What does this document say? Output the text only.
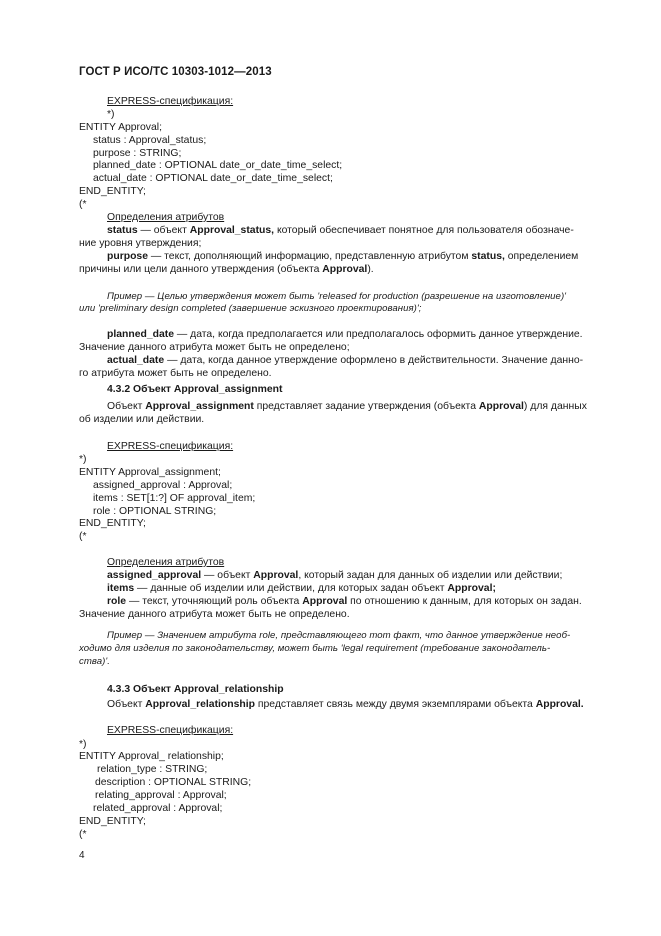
ГОСТ Р ИСО/ТС 10303-1012—2013
EXPRESS-спецификация:
*)
ENTITY Approval;
status : Approval_status;
purpose : STRING;
planned_date : OPTIONAL date_or_date_time_select;
actual_date : OPTIONAL date_or_date_time_select;
END_ENTITY;
(*
Определения атрибутов
status — объект Approval_status, который обеспечивает понятное для пользователя обозначе-
ние уровня утверждения;
purpose — текст, дополняющий информацию, представленную атрибутом status, определением
причины или цели данного утверждения (объекта Approval).
Пример — Целью утверждения может быть 'released for production (разрешение на изготовление)'
или 'preliminary design completed (завершение эскизного проектирования)';
planned_date — дата, когда предполагается или предполагалось оформить данное утверждение.
Значение данного атрибута может быть не определено;
actual_date — дата, когда данное утверждение оформлено в действительности. Значение данно-
го атрибута может быть не определено.
4.3.2 Объект Approval_assignment
Объект Approval_assignment представляет задание утверждения (объекта Approval) для данных
об изделии или действии.
EXPRESS-спецификация:
*)
ENTITY Approval_assignment;
assigned_approval : Approval;
items : SET[1:?] OF approval_item;
role : OPTIONAL STRING;
END_ENTITY;
(*
Определения атрибутов
assigned_approval — объект Approval, который задан для данных об изделии или действии;
items — данные об изделии или действии, для которых задан объект Approval;
role — текст, уточняющий роль объекта Approval по отношению к данным, для которых он задан.
Значение данного атрибута может быть не определено.
Пример — Значением атрибута role, представляющего тот факт, что данное утверждение необ-
ходимо для изделия по законодательству, может быть 'legal requirement (требование законодатель-
ства)'.
4.3.3 Объект Approval_relationship
Объект Approval_relationship представляет связь между двумя экземплярами объекта Approval.
EXPRESS-спецификация:
*)
ENTITY Approval_ relationship;
relation_type : STRING;
description : OPTIONAL STRING;
relating_approval : Approval;
related_approval : Approval;
END_ENTITY;
(*
4
